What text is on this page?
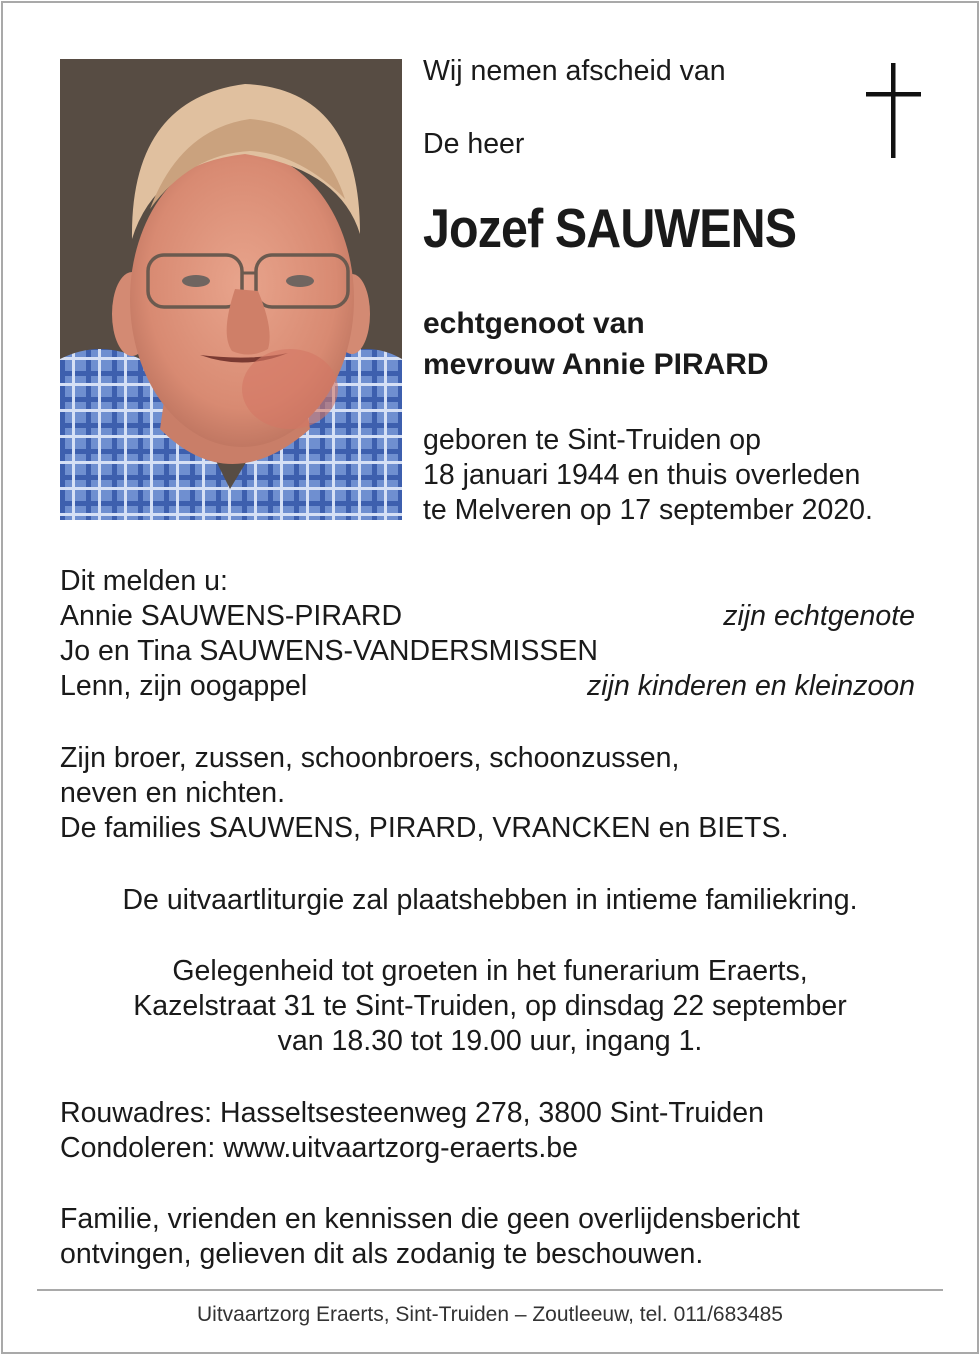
Wij nemen afscheid van
De heer
Jozef SAUWENS
echtgenoot van
mevrouw Annie PIRARD
geboren te Sint-Truiden op
18 januari 1944 en thuis overleden
te Melveren op 17 september 2020.
Dit melden u:
Annie SAUWENS-PIRARD	zijn echtgenote
Jo en Tina SAUWENS-VANDERSMISSEN
Lenn, zijn oogappel	zijn kinderen en kleinzoon
Zijn broer, zussen, schoonbroers, schoonzussen,
neven en nichten.
De families SAUWENS, PIRARD, VRANCKEN en BIETS.
De uitvaartliturgie zal plaatshebben in intieme familiekring.
Gelegenheid tot groeten in het funerarium Eraerts,
Kazelstraat 31 te Sint-Truiden, op dinsdag 22 september
van 18.30 tot 19.00 uur, ingang 1.
Rouwadres: Hasseltsesteenweg 278, 3800 Sint-Truiden
Condoleren: www.uitvaartzorg-eraerts.be
Familie, vrienden en kennissen die geen overlijdensbericht
ontvingen, gelieven dit als zodanig te beschouwen.
Uitvaartzorg Eraerts, Sint-Truiden – Zoutleeuw, tel. 011/683485
